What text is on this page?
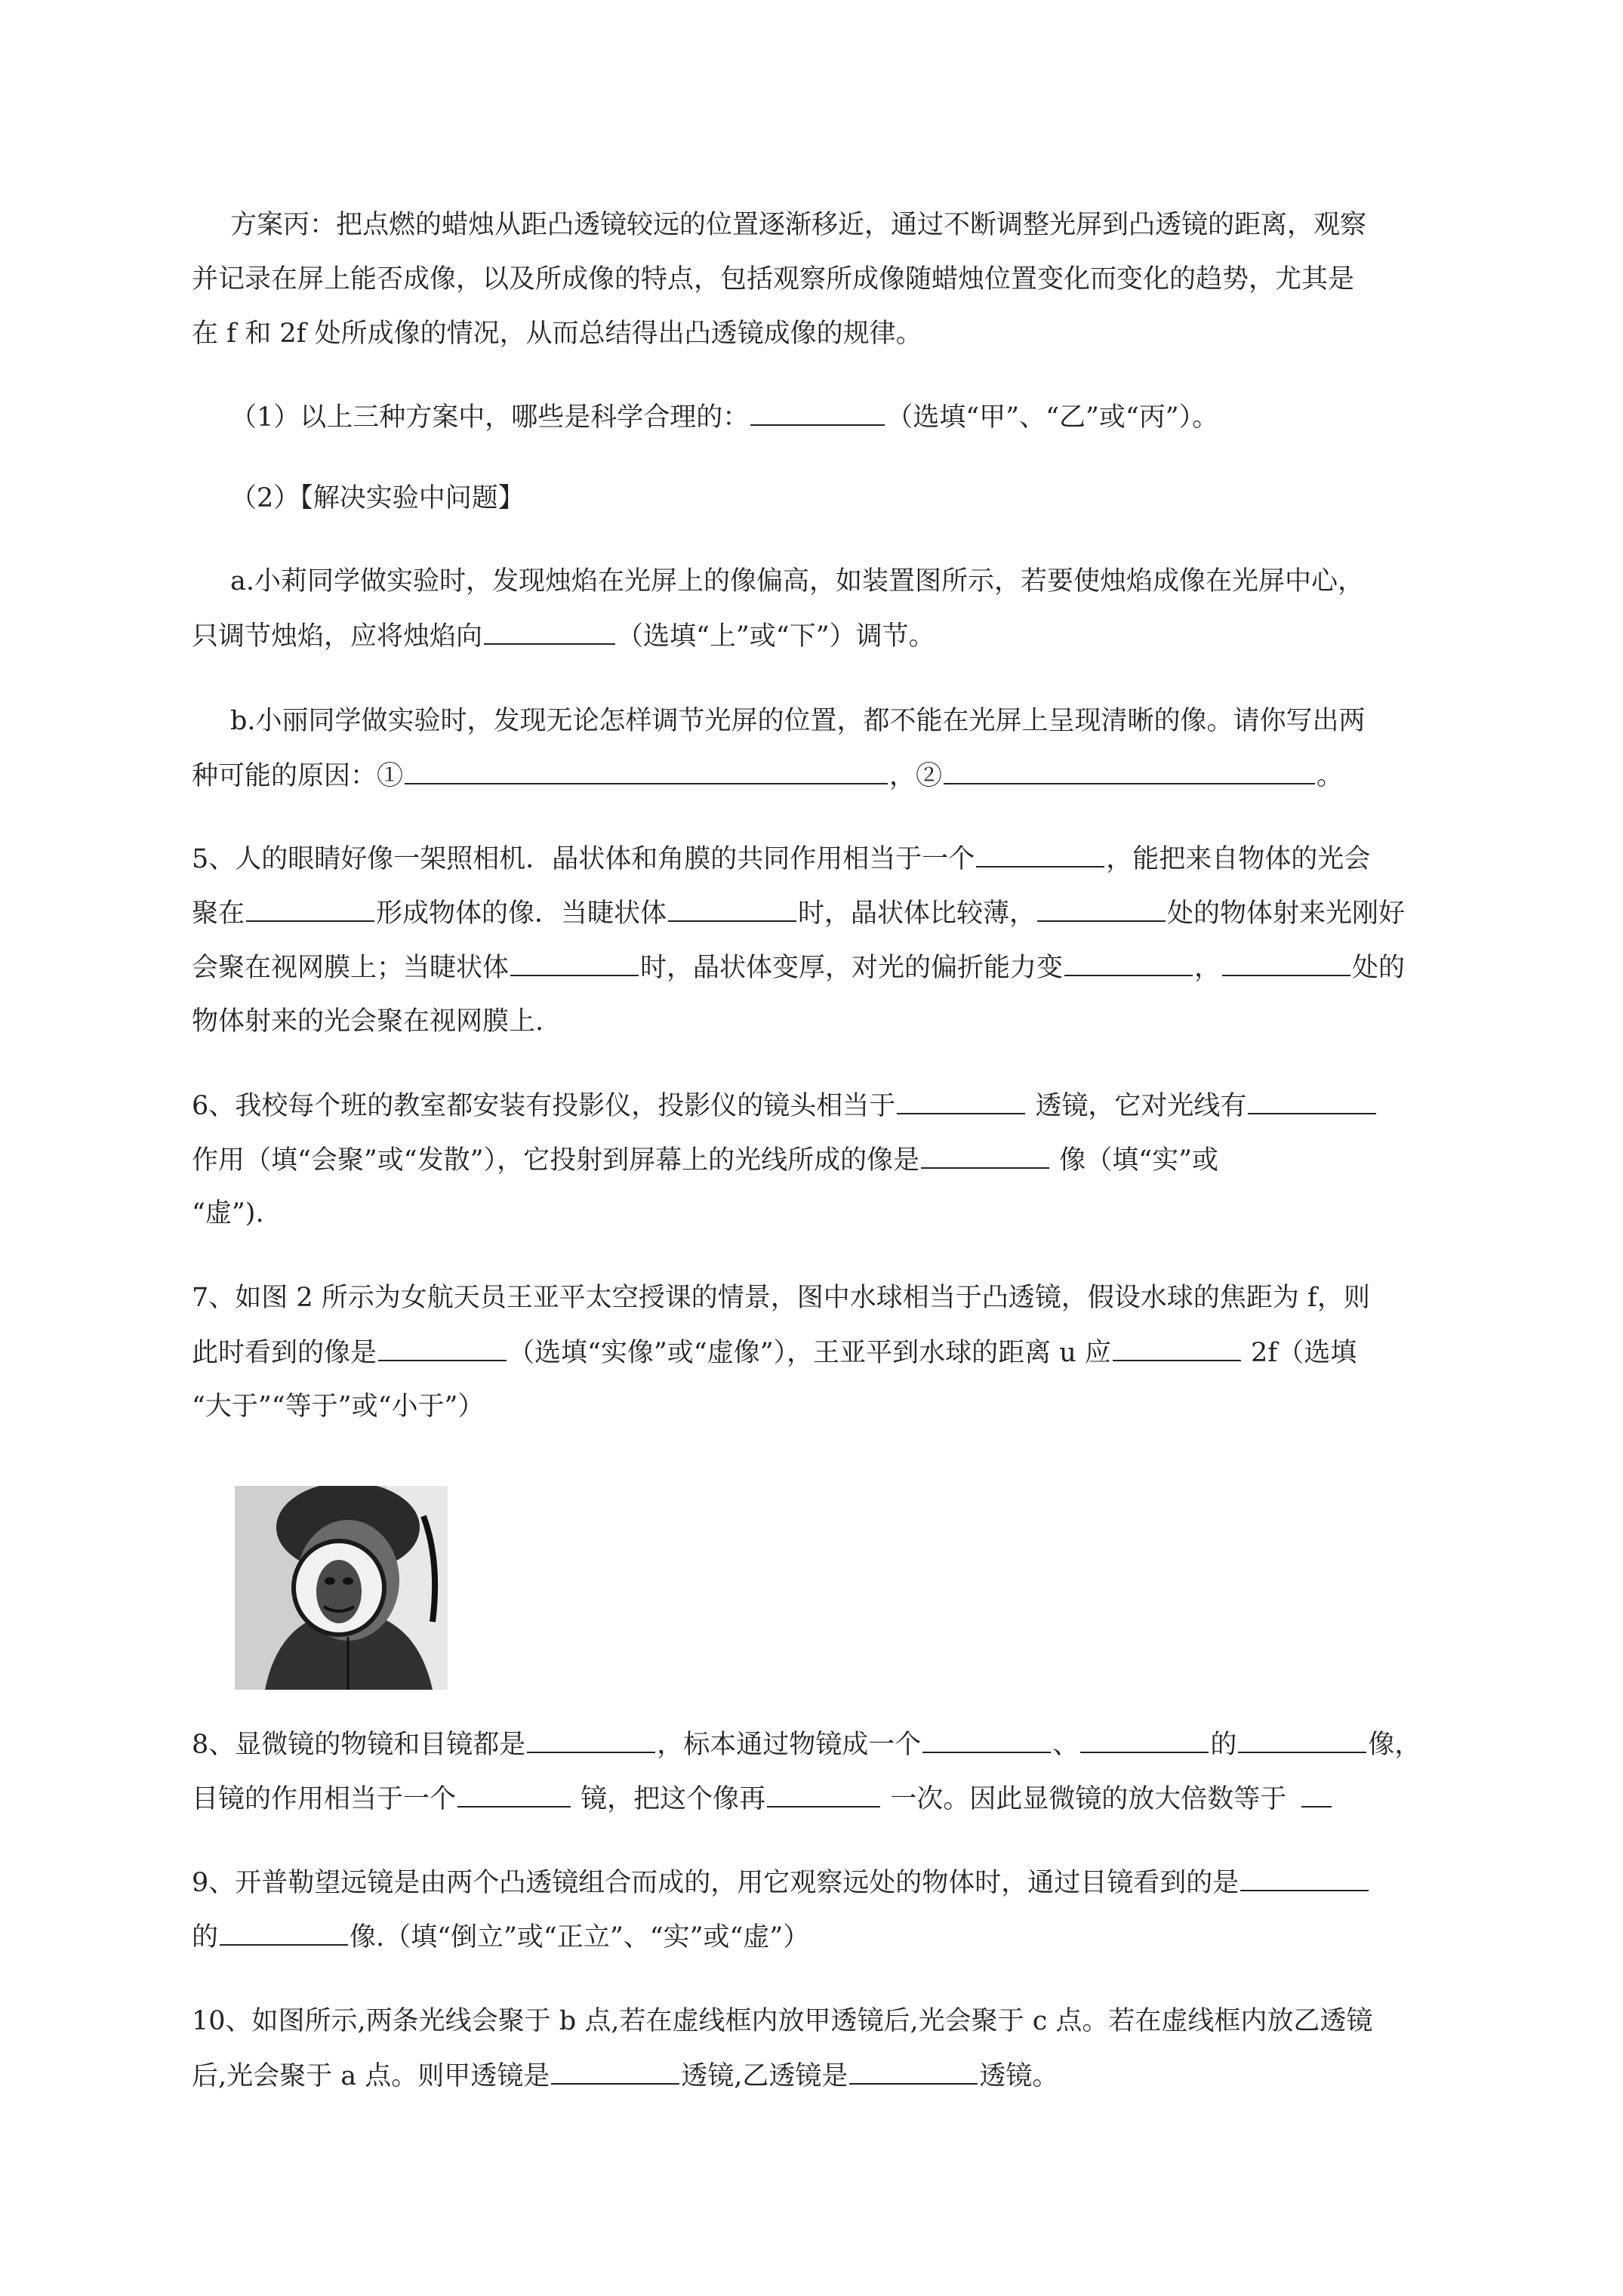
方案丙：把点燃的蜡烛从距凸透镜较远的位置逐渐移近，通过不断调整光屏到凸透镜的距离，观察
并记录在屏上能否成像，以及所成像的特点，包括观察所成像随蜡烛位置变化而变化的趋势，尤其是
在 f 和 2f 处所成像的情况，从而总结得出凸透镜成像的规律。
（1）以上三种方案中，哪些是科学合理的：	（选填“甲”、“乙”或“丙”）。
（2）【解决实验中问题】
a.小莉同学做实验时，发现烛焰在光屏上的像偏高，如装置图所示，若要使烛焰成像在光屏中心，
只调节烛焰，应将烛焰向	（选填“上”或“下”）调节。
b.小丽同学做实验时，发现无论怎样调节光屏的位置，都不能在光屏上呈现清晰的像。请你写出两
种可能的原因：①	，②	。
5、人的眼睛好像一架照相机．晶状体和角膜的共同作用相当于一个	，能把来自物体的光会
聚在	形成物体的像．当睫状体	时，晶状体比较薄，	处的物体射来光刚好
会聚在视网膜上；当睫状体	时，晶状体变厚，对光的偏折能力变	，	处的
物体射来的光会聚在视网膜上.
6、我校每个班的教室都安装有投影仪，投影仪的镜头相当于	透镜，它对光线有
作用（填“会聚”或“发散”），它投射到屏幕上的光线所成的像是	像（填“实”或
“虚”).
7、如图 2 所示为女航天员王亚平太空授课的情景，图中水球相当于凸透镜，假设水球的焦距为 f，则
此时看到的像是	（选填“实像”或“虚像”），王亚平到水球的距离 u 应	2f（选填
“大于”“等于”或“小于”）
8、显微镜的物镜和目镜都是	，标本通过物镜成一个	、	的	像，
目镜的作用相当于一个	镜，把这个像再	一次。因此显微镜的放大倍数等于
9、开普勒望远镜是由两个凸透镜组合而成的，用它观察远处的物体时，通过目镜看到的是
的	像.（填“倒立”或“正立”、“实”或“虚”）
10、如图所示,两条光线会聚于 b 点,若在虚线框内放甲透镜后,光会聚于 c 点。若在虚线框内放乙透镜
后,光会聚于 a 点。则甲透镜是	透镜,乙透镜是	透镜。
